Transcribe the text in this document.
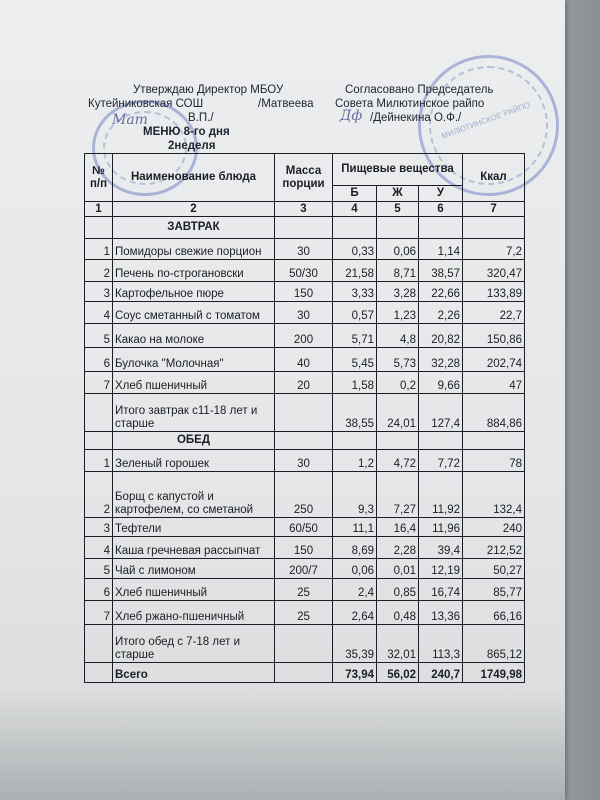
МИЛЮТИНСКОЕ РАЙПО
Мат	Дф
Утверждаю Директор МБОУ
Кутейниковская СОШ	/Матвеева
В.П./
Согласовано Председатель
Совета Милютинское райпо
/Дейнекина О.Ф./
МЕНЮ 8-го дня
2неделя
№ п/п	Наименование блюда	Масса порции	Пищевые вещества			Ккал
			Б	Ж	У	
1	2	3	4	5	6	7
	ЗАВТРАК					
1	Помидоры свежие порцион	30	0,33	0,06	1,14	7,2
2	Печень по-строгановски	50/30	21,58	8,71	38,57	320,47
3	Картофельное пюре	150	3,33	3,28	22,66	133,89
4	Соус сметанный с томатом	30	0,57	1,23	2,26	22,7
5	Какао на молоке	200	5,71	4,8	20,82	150,86
6	Булочка "Молочная"	40	5,45	5,73	32,28	202,74
7	Хлеб пшеничный	20	1,58	0,2	9,66	47
	Итого завтрак с11-18 лет и старше		38,55	24,01	127,4	884,86
	ОБЕД					
1	Зеленый горошек	30	1,2	4,72	7,72	78
2	Борщ с капустой и картофелем, со сметаной	250	9,3	7,27	11,92	132,4
3	Тефтели	60/50	11,1	16,4	11,96	240
4	Каша гречневая рассыпчат	150	8,69	2,28	39,4	212,52
5	Чай с лимоном	200/7	0,06	0,01	12,19	50,27
6	Хлеб пшеничный	25	2,4	0,85	16,74	85,77
7	Хлеб ржано-пшеничный	25	2,64	0,48	13,36	66,16
	Итого обед с 7-18 лет и старше		35,39	32,01	113,3	865,12
	Всего		73,94	56,02	240,7	1749,98
